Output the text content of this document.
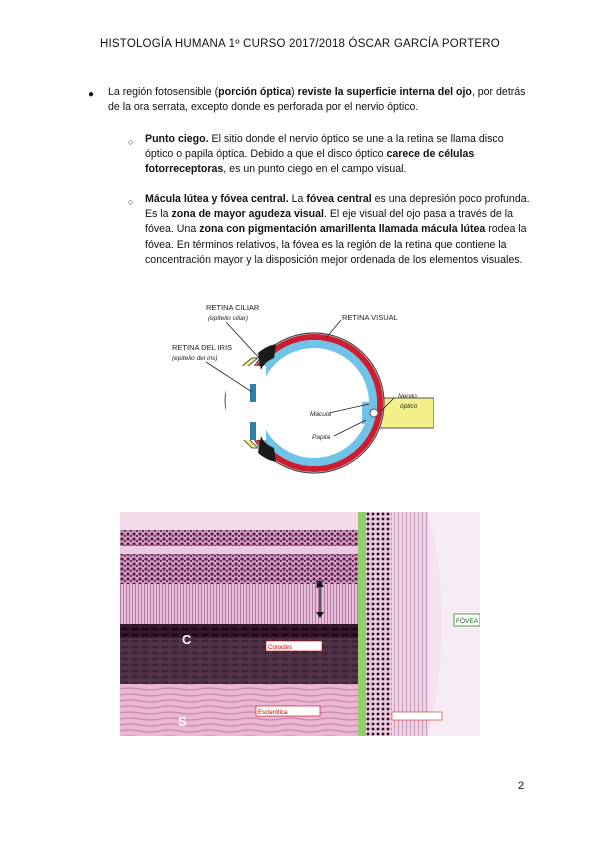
HISTOLOGÍA HUMANA 1º CURSO 2017/2018 ÓSCAR GARCÍA PORTERO
● La región fotosensible (porción óptica) reviste la superficie interna del ojo, por detrás de la ora serrata, excepto donde es perforada por el nervio óptico.
○ Punto ciego. El sitio donde el nervio óptico se une a la retina se llama disco óptico o papila óptica. Debido a que el disco óptico carece de células fotorreceptoras, es un punto ciego en el campo visual.
○ Mácula lútea y fóvea central. La fóvea central es una depresión poco profunda. Es la zona de mayor agudeza visual. El eje visual del ojo pasa a través de la fóvea. Una zona con pigmentación amarillenta llamada mácula lútea rodea la fóvea. En términos relativos, la fóvea es la región de la retina que contiene la concentración mayor y la disposición mejor ordenada de los elementos visuales.
RETINA CILIAR
(epitelio ciliar)
RETINA DEL IRIS
(epitelio del iris)
RETINA VISUAL
Mácula
Papila
Nervio
óptico
P
C
S
Coroides
Esclerótica
FÓVEA
2
